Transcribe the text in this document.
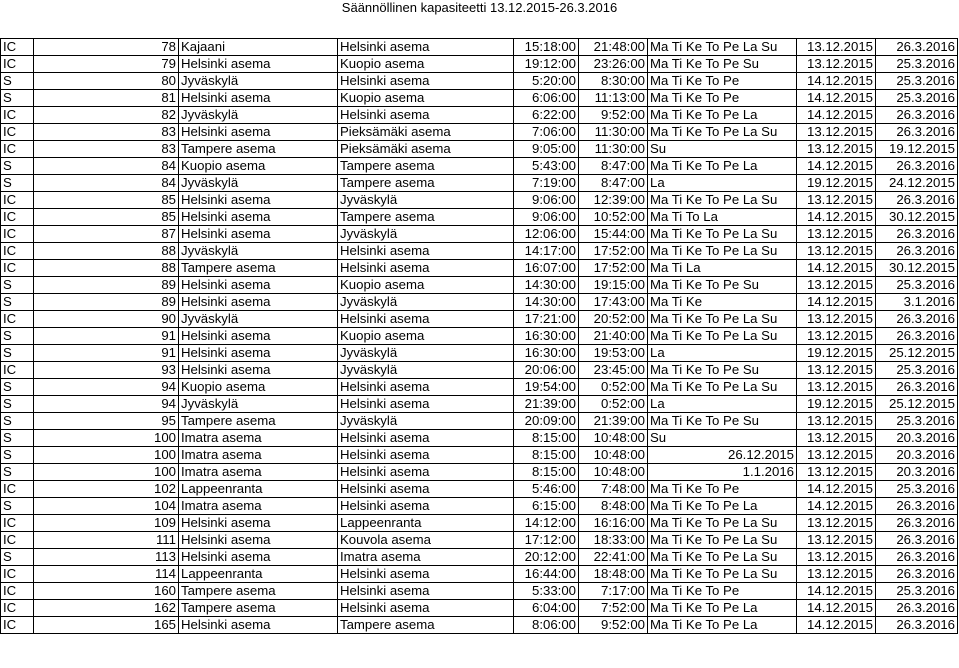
Säännöllinen kapasiteetti 13.12.2015-26.3.2016
IC	78	Kajaani	Helsinki asema	15:18:00	21:48:00	Ma Ti Ke To Pe La Su	13.12.2015	26.3.2016
IC	79	Helsinki asema	Kuopio asema	19:12:00	23:26:00	Ma Ti Ke To Pe Su	13.12.2015	25.3.2016
S	80	Jyväskylä	Helsinki asema	5:20:00	8:30:00	Ma Ti Ke To Pe	14.12.2015	25.3.2016
S	81	Helsinki asema	Kuopio asema	6:06:00	11:13:00	Ma Ti Ke To Pe	14.12.2015	25.3.2016
IC	82	Jyväskylä	Helsinki asema	6:22:00	9:52:00	Ma Ti Ke To Pe La	14.12.2015	26.3.2016
IC	83	Helsinki asema	Pieksämäki asema	7:06:00	11:30:00	Ma Ti Ke To Pe La Su	13.12.2015	26.3.2016
IC	83	Tampere asema	Pieksämäki asema	9:05:00	11:30:00	Su	13.12.2015	19.12.2015
S	84	Kuopio asema	Tampere asema	5:43:00	8:47:00	Ma Ti Ke To Pe La	14.12.2015	26.3.2016
S	84	Jyväskylä	Tampere asema	7:19:00	8:47:00	La	19.12.2015	24.12.2015
IC	85	Helsinki asema	Jyväskylä	9:06:00	12:39:00	Ma Ti Ke To Pe La Su	13.12.2015	26.3.2016
IC	85	Helsinki asema	Tampere asema	9:06:00	10:52:00	Ma Ti To La	14.12.2015	30.12.2015
IC	87	Helsinki asema	Jyväskylä	12:06:00	15:44:00	Ma Ti Ke To Pe La Su	13.12.2015	26.3.2016
IC	88	Jyväskylä	Helsinki asema	14:17:00	17:52:00	Ma Ti Ke To Pe La Su	13.12.2015	26.3.2016
IC	88	Tampere asema	Helsinki asema	16:07:00	17:52:00	Ma Ti La	14.12.2015	30.12.2015
S	89	Helsinki asema	Kuopio asema	14:30:00	19:15:00	Ma Ti Ke To Pe Su	13.12.2015	25.3.2016
S	89	Helsinki asema	Jyväskylä	14:30:00	17:43:00	Ma Ti Ke	14.12.2015	3.1.2016
IC	90	Jyväskylä	Helsinki asema	17:21:00	20:52:00	Ma Ti Ke To Pe La Su	13.12.2015	26.3.2016
S	91	Helsinki asema	Kuopio asema	16:30:00	21:40:00	Ma Ti Ke To Pe La Su	13.12.2015	26.3.2016
S	91	Helsinki asema	Jyväskylä	16:30:00	19:53:00	La	19.12.2015	25.12.2015
IC	93	Helsinki asema	Jyväskylä	20:06:00	23:45:00	Ma Ti Ke To Pe Su	13.12.2015	25.3.2016
S	94	Kuopio asema	Helsinki asema	19:54:00	0:52:00	Ma Ti Ke To Pe La Su	13.12.2015	26.3.2016
S	94	Jyväskylä	Helsinki asema	21:39:00	0:52:00	La	19.12.2015	25.12.2015
S	95	Tampere asema	Jyväskylä	20:09:00	21:39:00	Ma Ti Ke To Pe Su	13.12.2015	25.3.2016
S	100	Imatra asema	Helsinki asema	8:15:00	10:48:00	Su	13.12.2015	20.3.2016
S	100	Imatra asema	Helsinki asema	8:15:00	10:48:00	26.12.2015	13.12.2015	20.3.2016
S	100	Imatra asema	Helsinki asema	8:15:00	10:48:00	1.1.2016	13.12.2015	20.3.2016
IC	102	Lappeenranta	Helsinki asema	5:46:00	7:48:00	Ma Ti Ke To Pe	14.12.2015	25.3.2016
S	104	Imatra asema	Helsinki asema	6:15:00	8:48:00	Ma Ti Ke To Pe La	14.12.2015	26.3.2016
IC	109	Helsinki asema	Lappeenranta	14:12:00	16:16:00	Ma Ti Ke To Pe La Su	13.12.2015	26.3.2016
IC	111	Helsinki asema	Kouvola asema	17:12:00	18:33:00	Ma Ti Ke To Pe La Su	13.12.2015	26.3.2016
S	113	Helsinki asema	Imatra asema	20:12:00	22:41:00	Ma Ti Ke To Pe La Su	13.12.2015	26.3.2016
IC	114	Lappeenranta	Helsinki asema	16:44:00	18:48:00	Ma Ti Ke To Pe La Su	13.12.2015	26.3.2016
IC	160	Tampere asema	Helsinki asema	5:33:00	7:17:00	Ma Ti Ke To Pe	14.12.2015	25.3.2016
IC	162	Tampere asema	Helsinki asema	6:04:00	7:52:00	Ma Ti Ke To Pe La	14.12.2015	26.3.2016
IC	165	Helsinki asema	Tampere asema	8:06:00	9:52:00	Ma Ti Ke To Pe La	14.12.2015	26.3.2016
